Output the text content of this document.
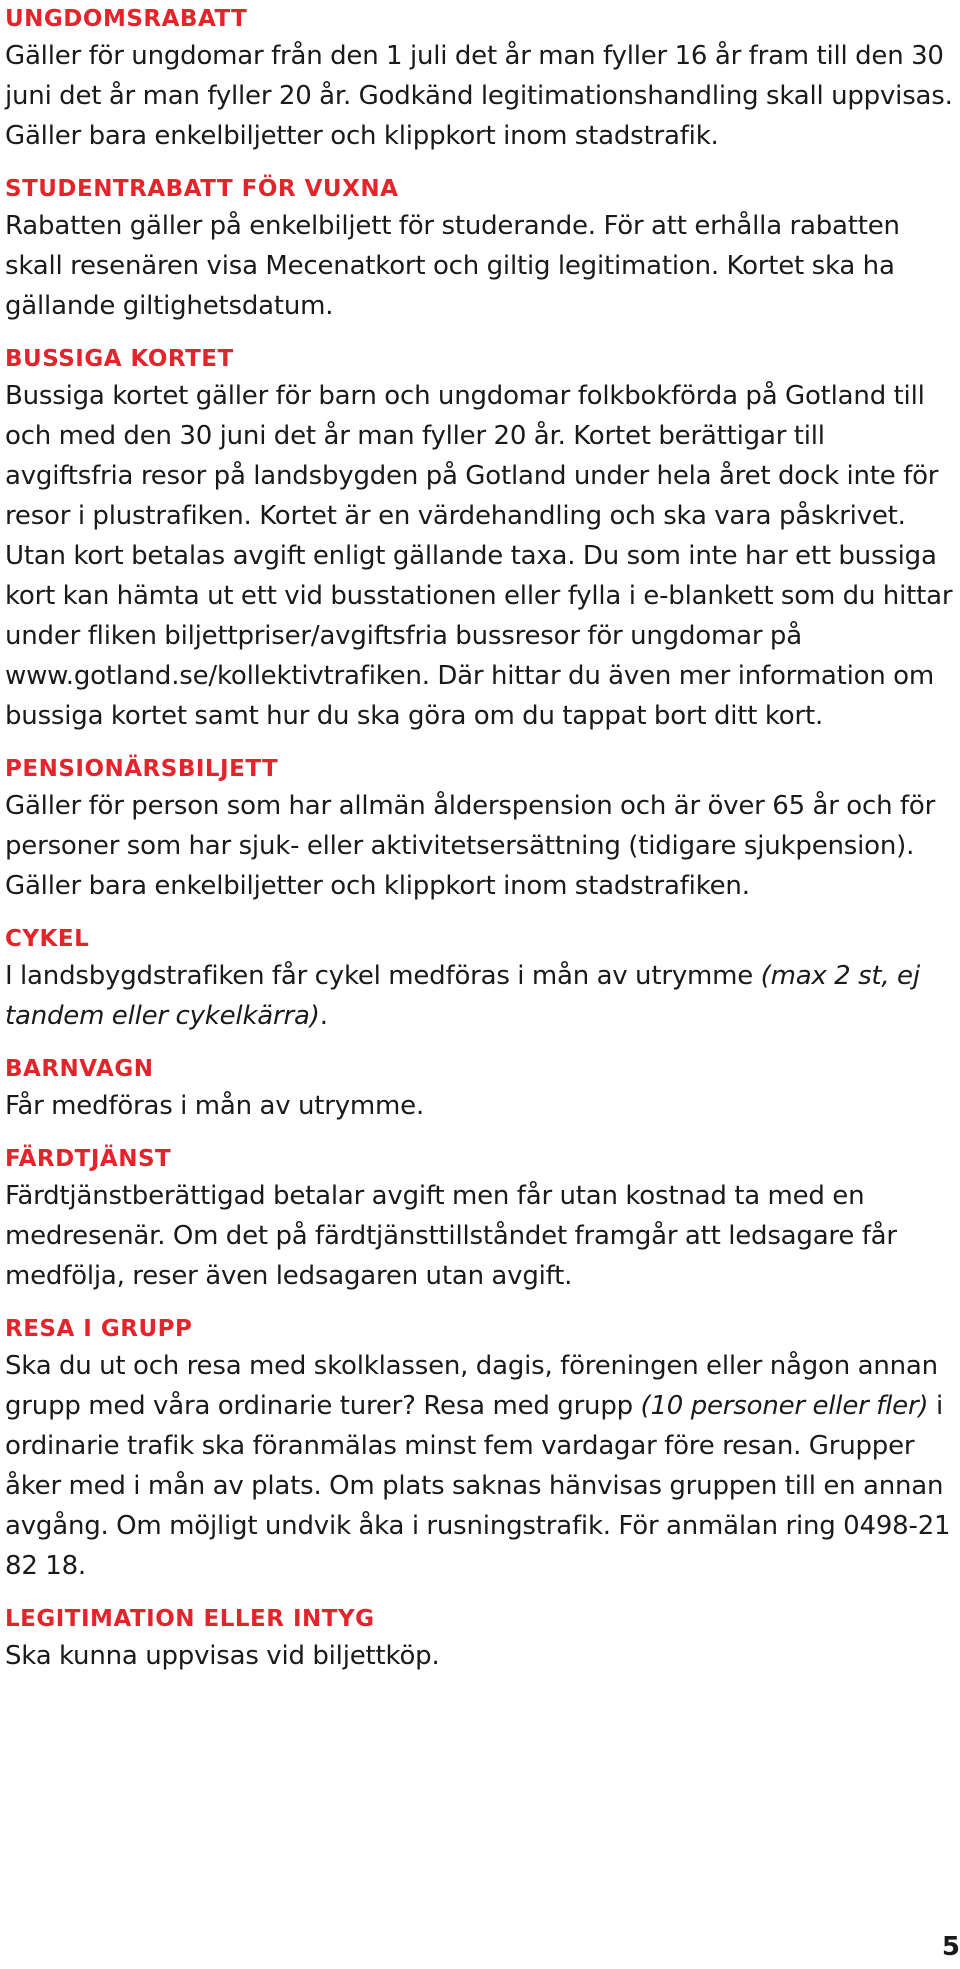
UNGDOMSRABATT

Gäller för ungdomar från den 1 juli det år man fyller 16 år fram till den 30 juni det år man fyller 20 år. Godkänd legitimationshandling skall uppvisas. Gäller bara enkelbiljetter och klippkort inom stadstrafik.

STUDENTRABATT FÖR VUXNA

Rabatten gäller på enkelbiljett för studerande. För att erhålla rabatten skall resenären visa Mecenatkort och giltig legitimation. Kortet ska ha gällande giltighetsdatum.

BUSSIGA KORTET

Bussiga kortet gäller för barn och ungdomar folkbokförda på Gotland till och med den 30 juni det år man fyller 20 år. Kortet berättigar till avgiftsfria resor på landsbygden på Gotland under hela året dock inte för resor i plustrafiken. Kortet är en värdehandling och ska vara påskrivet. Utan kort betalas avgift enligt gällande taxa. Du som inte har ett bussiga kort kan hämta ut ett vid busstationen eller fylla i e-blankett som du hittar under fliken biljettpriser/avgiftsfria bussresor för ungdomar på www.gotland.se/kollektivtrafiken. Där hittar du även mer information om bussiga kortet samt hur du ska göra om du tappat bort ditt kort.

PENSIONÄRSBILJETT

Gäller för person som har allmän ålderspension och är över 65 år och för personer som har sjuk- eller aktivitetsersättning (tidigare sjukpension). Gäller bara enkelbiljetter och klippkort inom stadstrafiken.

CYKEL

I landsbygdstrafiken får cykel medföras i mån av utrymme (max 2 st, ej tandem eller cykelkärra).

BARNVAGN

Får medföras i mån av utrymme.

FÄRDTJÄNST

Färdtjänstberättigad betalar avgift men får utan kostnad ta med en medresenär. Om det på färdtjänsttillståndet framgår att ledsagare får medfölja, reser även ledsagaren utan avgift.

RESA I GRUPP

Ska du ut och resa med skolklassen, dagis, föreningen eller någon annan grupp med våra ordinarie turer? Resa med grupp (10 personer eller fler) i ordinarie trafik ska föranmälas minst fem vardagar före resan. Grupper åker med i mån av plats. Om plats saknas hänvisas gruppen till en annan avgång. Om möjligt undvik åka i rusningstrafik. För anmälan ring 0498-21 82 18.

LEGITIMATION ELLER INTYG

Ska kunna uppvisas vid biljettköp.

5
